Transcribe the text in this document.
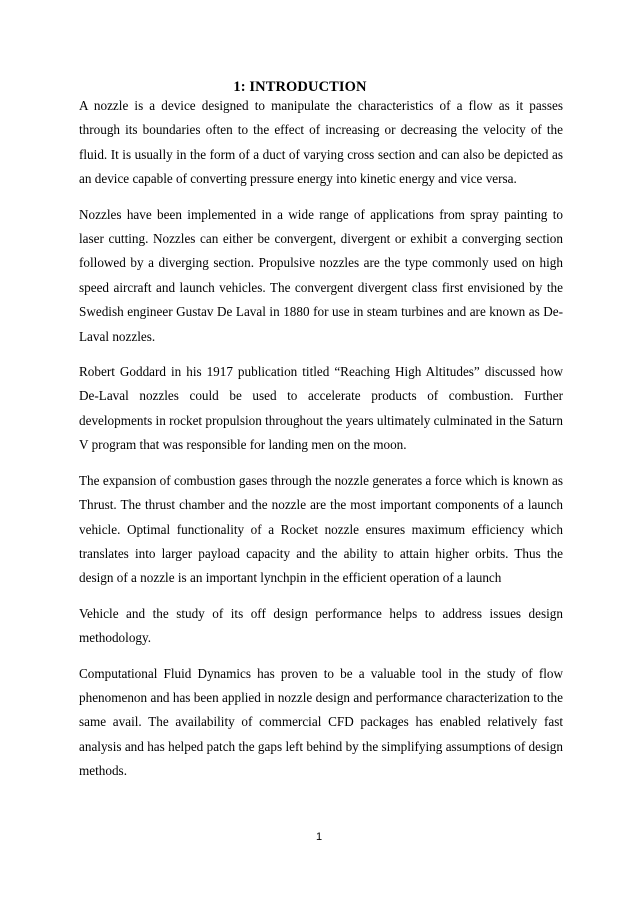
1: INTRODUCTION

A nozzle is a device designed to manipulate the characteristics of a flow as it passes through its boundaries often to the effect of increasing or decreasing the velocity of the fluid. It is usually in the form of a duct of varying cross section and can also be depicted as an device capable of converting pressure energy into kinetic energy and vice versa.

Nozzles have been implemented in a wide range of applications from spray painting to laser cutting. Nozzles can either be convergent, divergent or exhibit a converging section followed by a diverging section. Propulsive nozzles are the type commonly used on high speed aircraft and launch vehicles. The convergent divergent class first envisioned by the Swedish engineer Gustav De Laval in 1880 for use in steam turbines and are known as De-Laval nozzles.

Robert Goddard in his 1917 publication titled “Reaching High Altitudes” discussed how De-Laval nozzles could be used to accelerate products of combustion. Further developments in rocket propulsion throughout the years ultimately culminated in the Saturn V program that was responsible for landing men on the moon.

The expansion of combustion gases through the nozzle generates a force which is known as Thrust. The thrust chamber and the nozzle are the most important components of a launch vehicle. Optimal functionality of a Rocket nozzle ensures maximum efficiency which translates into larger payload capacity and the ability to attain higher orbits. Thus the design of a nozzle is an important lynchpin in the efficient operation of a launch

Vehicle and the study of its off design performance helps to address issues design methodology.

Computational Fluid Dynamics has proven to be a valuable tool in the study of flow phenomenon and has been applied in nozzle design and performance characterization to the same avail. The availability of commercial CFD packages has enabled relatively fast analysis and has helped patch the gaps left behind by the simplifying assumptions of design methods.

1
